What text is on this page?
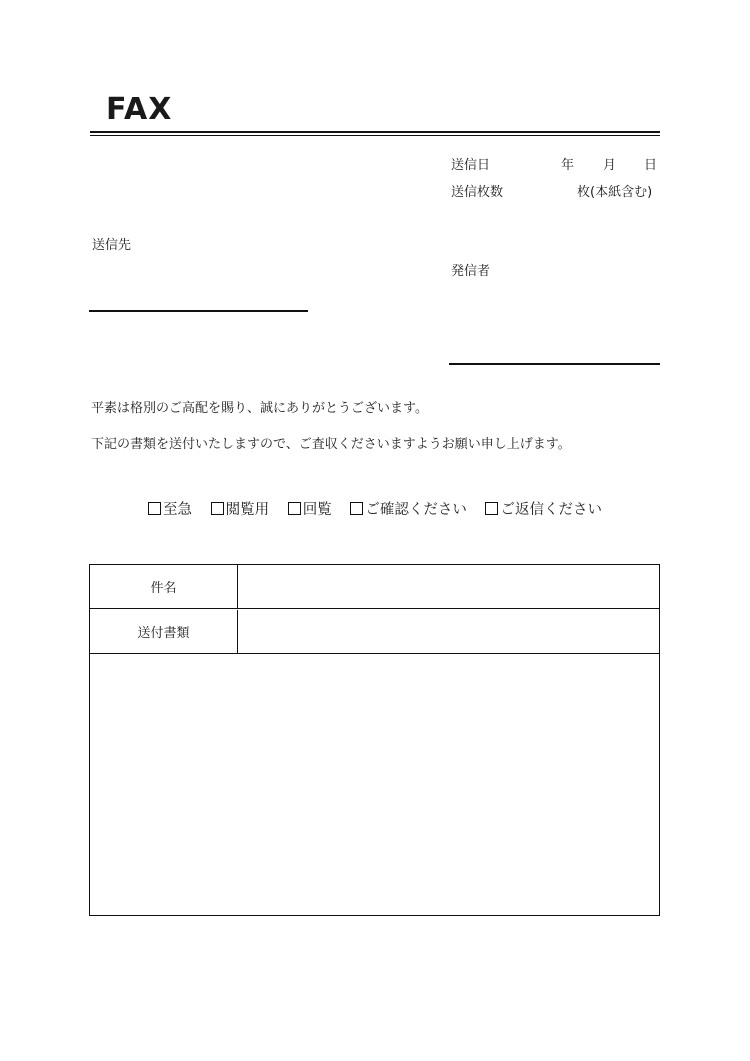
FAX
送信日	年 月 日
送信枚数	枚(本紙含む)
送信先
発信者
平素は格別のご高配を賜り、誠にありがとうございます。
下記の書類を送付いたしますので、ご査収くださいますようお願い申し上げます。
至急 閲覧用 回覧 ご確認ください ご返信ください
件名
送付書類
